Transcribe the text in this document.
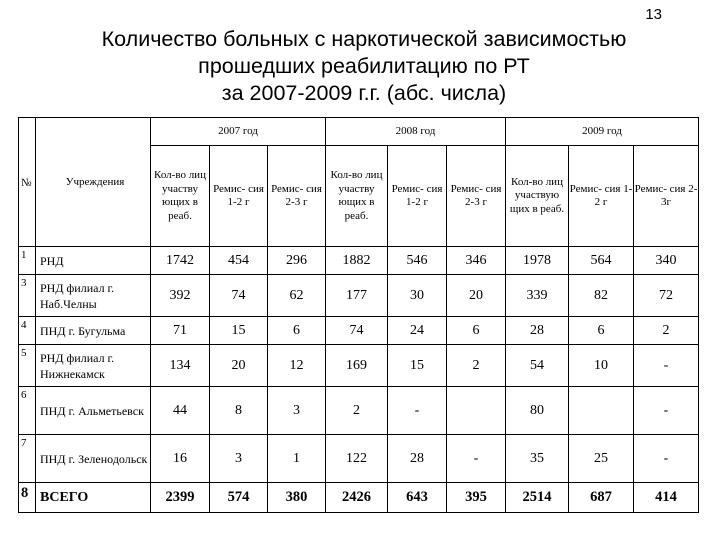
13
Количество больных с наркотической зависимостью
прошедших реабилитацию по РТ
за 2007-2009 г.г. (абс. числа)
№	Учреждения	2007 год			2008 год			2009 год		
		Кол-во лиц участву ющих в реаб.	Ремис- сия 1-2 г	Ремис- сия 2-3 г	Кол-во лиц участву ющих в реаб.	Ремис- сия 1-2 г	Ремис- сия 2-3 г	Кол-во лиц участвую щих в реаб.	Ремис- сия 1-2 г	Ремис- сия 2-3г
1	РНД	1742	454	296	1882	546	346	1978	564	340
3	РНД филиал г. Наб.Челны	392	74	62	177	30	20	339	82	72
4	ПНД г. Бугульма	71	15	6	74	24	6	28	6	2
5	РНД филиал г. Нижнекамск	134	20	12	169	15	2	54	10	-
6	ПНД г. Альметьевск	44	8	3	2	-		80		-
7	ПНД г. Зеленодольск	16	3	1	122	28	-	35	25	-
8	ВСЕГО	2399	574	380	2426	643	395	2514	687	414
